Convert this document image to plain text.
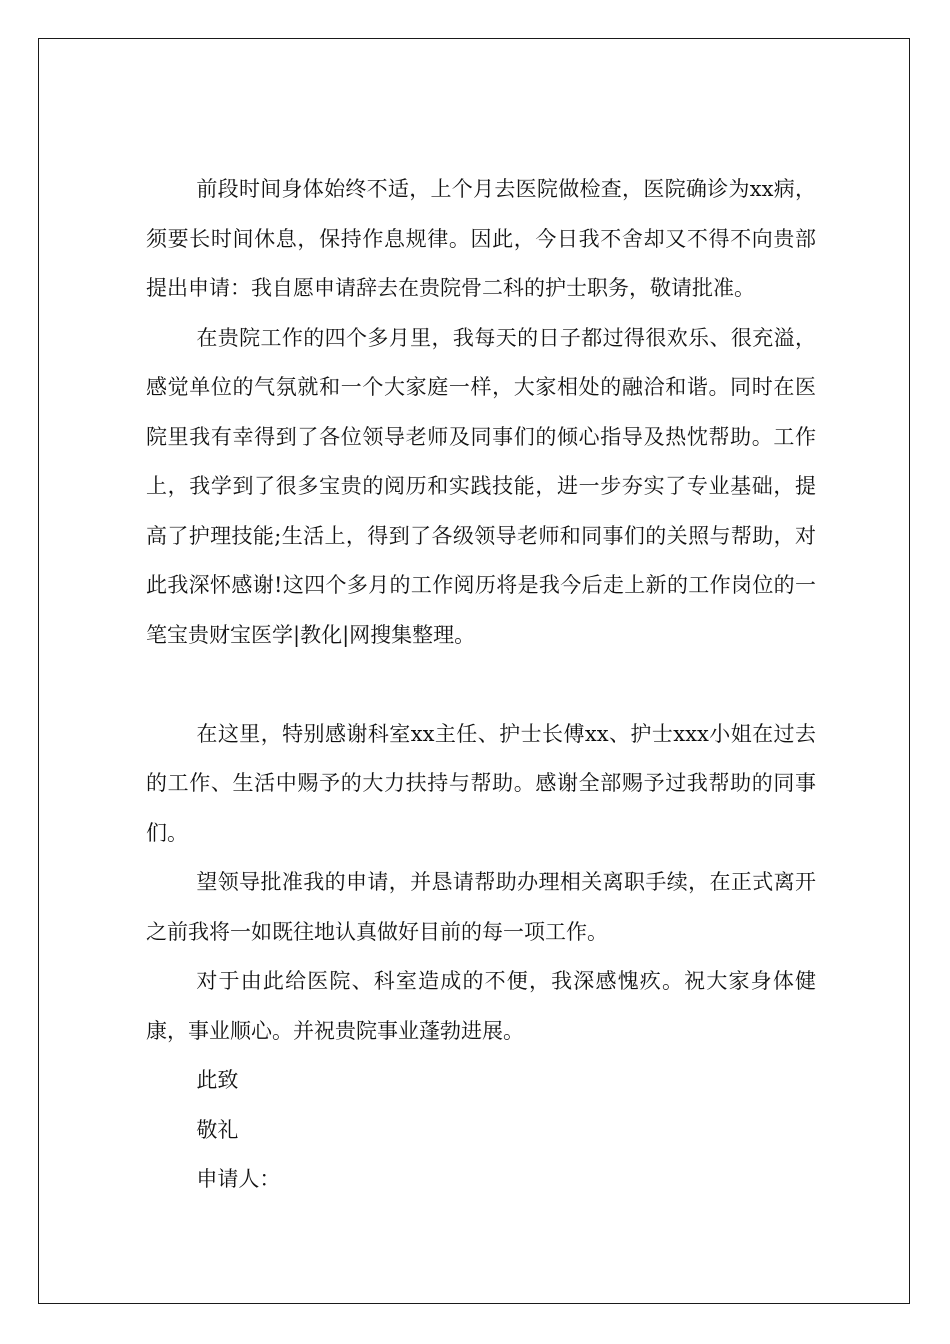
前段时间身体始终不适，上个月去医院做检查，医院确诊为xx病，须要长时间休息，保持作息规律。因此，今日我不舍却又不得不向贵部提出申请：我自愿申请辞去在贵院骨二科的护士职务，敬请批准。

在贵院工作的四个多月里，我每天的日子都过得很欢乐、很充溢，感觉单位的气氛就和一个大家庭一样，大家相处的融洽和谐。同时在医院里我有幸得到了各位领导老师及同事们的倾心指导及热忱帮助。工作上，我学到了很多宝贵的阅历和实践技能，进一步夯实了专业基础，提高了护理技能;生活上，得到了各级领导老师和同事们的关照与帮助，对此我深怀感谢!这四个多月的工作阅历将是我今后走上新的工作岗位的一笔宝贵财宝医学|教化|网搜集整理。

在这里，特别感谢科室xx主任、护士长傅xx、护士xxx小姐在过去的工作、生活中赐予的大力扶持与帮助。感谢全部赐予过我帮助的同事们。

望领导批准我的申请，并恳请帮助办理相关离职手续，在正式离开之前我将一如既往地认真做好目前的每一项工作。

对于由此给医院、科室造成的不便，我深感愧疚。祝大家身体健康，事业顺心。并祝贵院事业蓬勃进展。

此致

敬礼

申请人：
